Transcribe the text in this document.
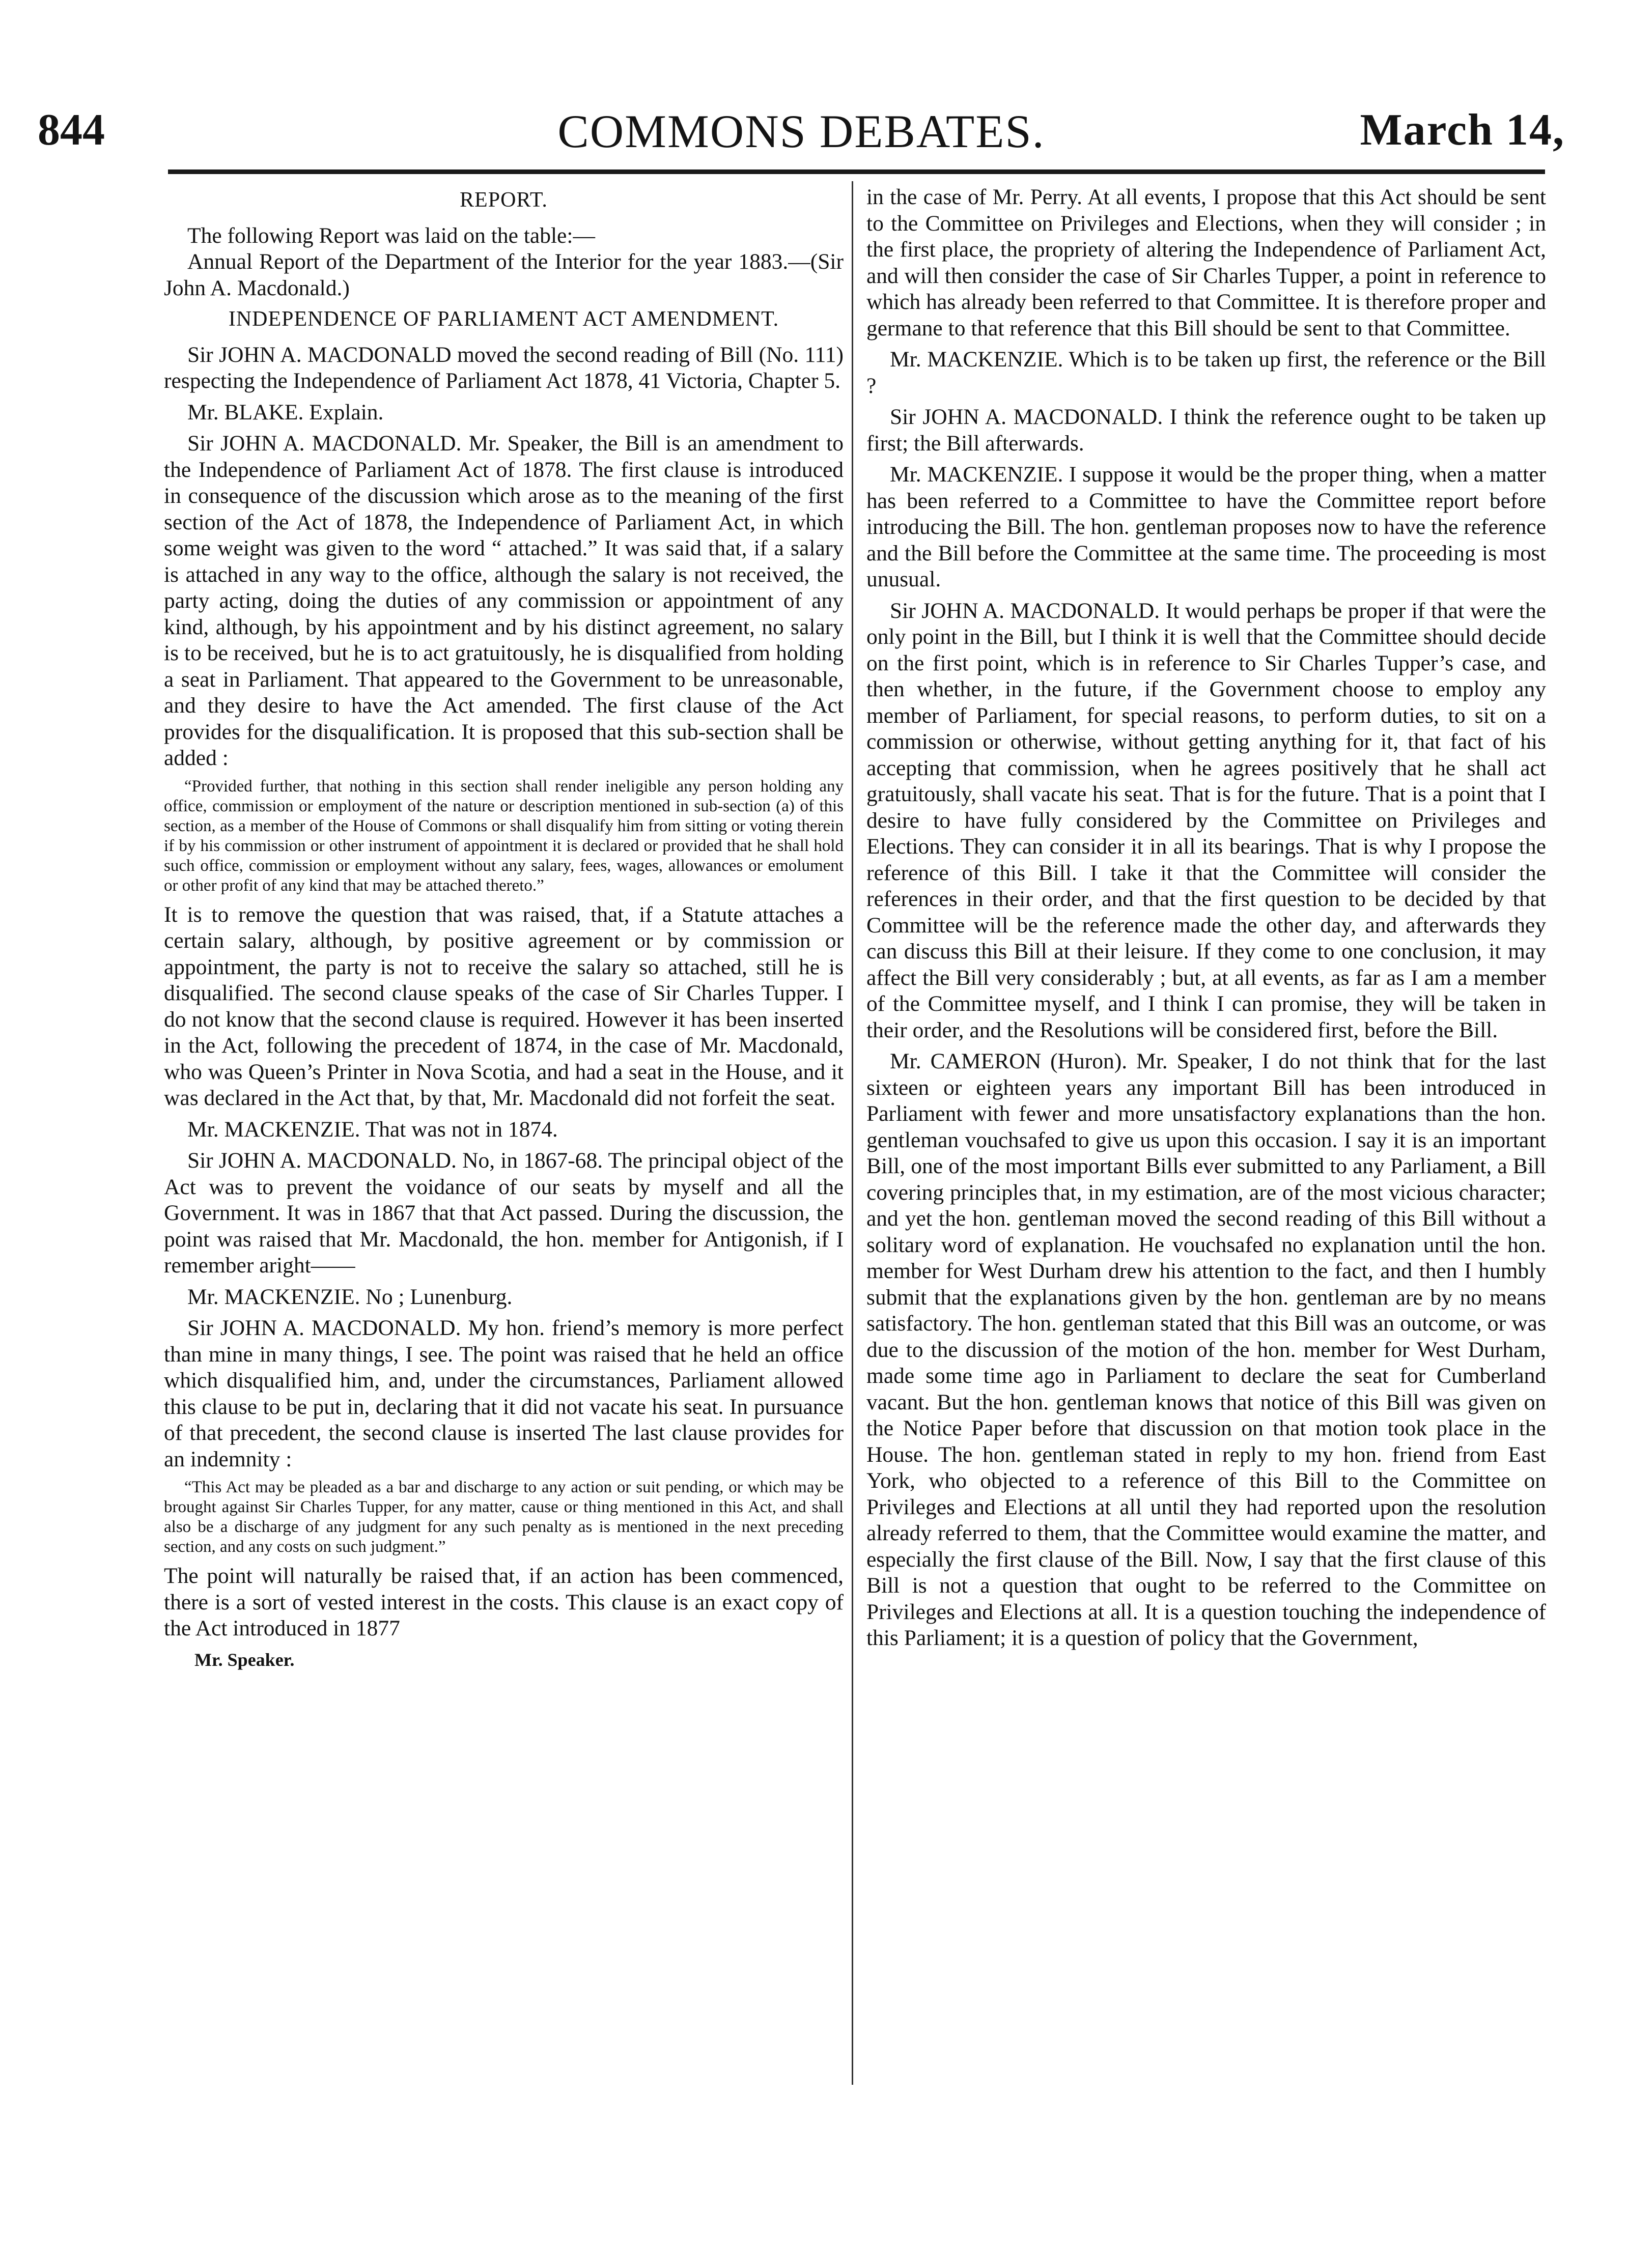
COMMONS DEBATES.
844	March 14,

REPORT.

The following Report was laid on the table:—

Annual Report of the Department of the Interior for the year 1883.—(Sir John A. Macdonald.)

INDEPENDENCE OF PARLIAMENT ACT AMENDMENT.

Sir JOHN A. MACDONALD moved the second reading of Bill (No. 111) respecting the Independence of Parliament Act 1878, 41 Victoria, Chapter 5.

Mr. BLAKE. Explain.

Sir JOHN A. MACDONALD. Mr. Speaker, the Bill is an amendment to the Independence of Parliament Act of 1878. The first clause is introduced in consequence of the discussion which arose as to the meaning of the first section of the Act of 1878, the Independence of Parliament Act, in which some weight was given to the word “ attached.” It was said that, if a salary is attached in any way to the office, although the salary is not received, the party acting, doing the duties of any commission or appointment of any kind, although, by his appointment and by his distinct agreement, no salary is to be received, but he is to act gratuitously, he is disqualified from holding a seat in Parliament. That appeared to the Government to be unreasonable, and they desire to have the Act amended. The first clause of the Act provides for the disqualification. It is proposed that this sub-section shall be added :

“Provided further, that nothing in this section shall render ineligible any person holding any office, commission or employment of the nature or description mentioned in sub-section (a) of this section, as a member of the House of Commons or shall disqualify him from sitting or voting therein if by his commission or other instrument of appointment it is declared or provided that he shall hold such office, commission or employment without any salary, fees, wages, allowances or emolument or other profit of any kind that may be attached thereto.”

It is to remove the question that was raised, that, if a Statute attaches a certain salary, although, by positive agreement or by commission or appointment, the party is not to receive the salary so attached, still he is disqualified. The second clause speaks of the case of Sir Charles Tupper. I do not know that the second clause is required. However it has been inserted in the Act, following the precedent of 1874, in the case of Mr. Macdonald, who was Queen’s Printer in Nova Scotia, and had a seat in the House, and it was declared in the Act that, by that, Mr. Macdonald did not forfeit the seat.

Mr. MACKENZIE. That was not in 1874.

Sir JOHN A. MACDONALD. No, in 1867-68. The principal object of the Act was to prevent the voidance of our seats by myself and all the Government. It was in 1867 that that Act passed. During the discussion, the point was raised that Mr. Macdonald, the hon. member for Antigonish, if I remember aright——

Mr. MACKENZIE. No ; Lunenburg.

Sir JOHN A. MACDONALD. My hon. friend’s memory is more perfect than mine in many things, I see. The point was raised that he held an office which disqualified him, and, under the circumstances, Parliament allowed this clause to be put in, declaring that it did not vacate his seat. In pursuance of that precedent, the second clause is inserted The last clause provides for an indemnity :

“This Act may be pleaded as a bar and discharge to any action or suit pending, or which may be brought against Sir Charles Tupper, for any matter, cause or thing mentioned in this Act, and shall also be a discharge of any judgment for any such penalty as is mentioned in the next preceding section, and any costs on such judgment.”

The point will naturally be raised that, if an action has been commenced, there is a sort of vested interest in the costs. This clause is an exact copy of the Act introduced in 1877

Mr. Speaker.

in the case of Mr. Perry. At all events, I propose that this Act should be sent to the Committee on Privileges and Elections, when they will consider ; in the first place, the propriety of altering the Independence of Parliament Act, and will then consider the case of Sir Charles Tupper, a point in reference to which has already been referred to that Committee. It is therefore proper and germane to that reference that this Bill should be sent to that Committee.

Mr. MACKENZIE. Which is to be taken up first, the reference or the Bill ?

Sir JOHN A. MACDONALD. I think the reference ought to be taken up first; the Bill afterwards.

Mr. MACKENZIE. I suppose it would be the proper thing, when a matter has been referred to a Committee to have the Committee report before introducing the Bill. The hon. gentleman proposes now to have the reference and the Bill before the Committee at the same time. The proceeding is most unusual.

Sir JOHN A. MACDONALD. It would perhaps be proper if that were the only point in the Bill, but I think it is well that the Committee should decide on the first point, which is in reference to Sir Charles Tupper’s case, and then whether, in the future, if the Government choose to employ any member of Parliament, for special reasons, to perform duties, to sit on a commission or otherwise, without getting anything for it, that fact of his accepting that commission, when he agrees positively that he shall act gratuitously, shall vacate his seat. That is for the future. That is a point that I desire to have fully considered by the Committee on Privileges and Elections. They can consider it in all its bearings. That is why I propose the reference of this Bill. I take it that the Committee will consider the references in their order, and that the first question to be decided by that Committee will be the reference made the other day, and afterwards they can discuss this Bill at their leisure. If they come to one conclusion, it may affect the Bill very considerably ; but, at all events, as far as I am a member of the Committee myself, and I think I can promise, they will be taken in their order, and the Resolutions will be considered first, before the Bill.

Mr. CAMERON (Huron). Mr. Speaker, I do not think that for the last sixteen or eighteen years any important Bill has been introduced in Parliament with fewer and more unsatisfactory explanations than the hon. gentleman vouchsafed to give us upon this occasion. I say it is an important Bill, one of the most important Bills ever submitted to any Parliament, a Bill covering principles that, in my estimation, are of the most vicious character; and yet the hon. gentleman moved the second reading of this Bill without a solitary word of explanation. He vouchsafed no explanation until the hon. member for West Durham drew his attention to the fact, and then I humbly submit that the explanations given by the hon. gentleman are by no means satisfactory. The hon. gentleman stated that this Bill was an outcome, or was due to the discussion of the motion of the hon. member for West Durham, made some time ago in Parliament to declare the seat for Cumberland vacant. But the hon. gentleman knows that notice of this Bill was given on the Notice Paper before that discussion on that motion took place in the House. The hon. gentleman stated in reply to my hon. friend from East York, who objected to a reference of this Bill to the Committee on Privileges and Elections at all until they had reported upon the resolution already referred to them, that the Committee would examine the matter, and especially the first clause of the Bill. Now, I say that the first clause of this Bill is not a question that ought to be referred to the Committee on Privileges and Elections at all. It is a question touching the independence of this Parliament; it is a question of policy that the Government,
